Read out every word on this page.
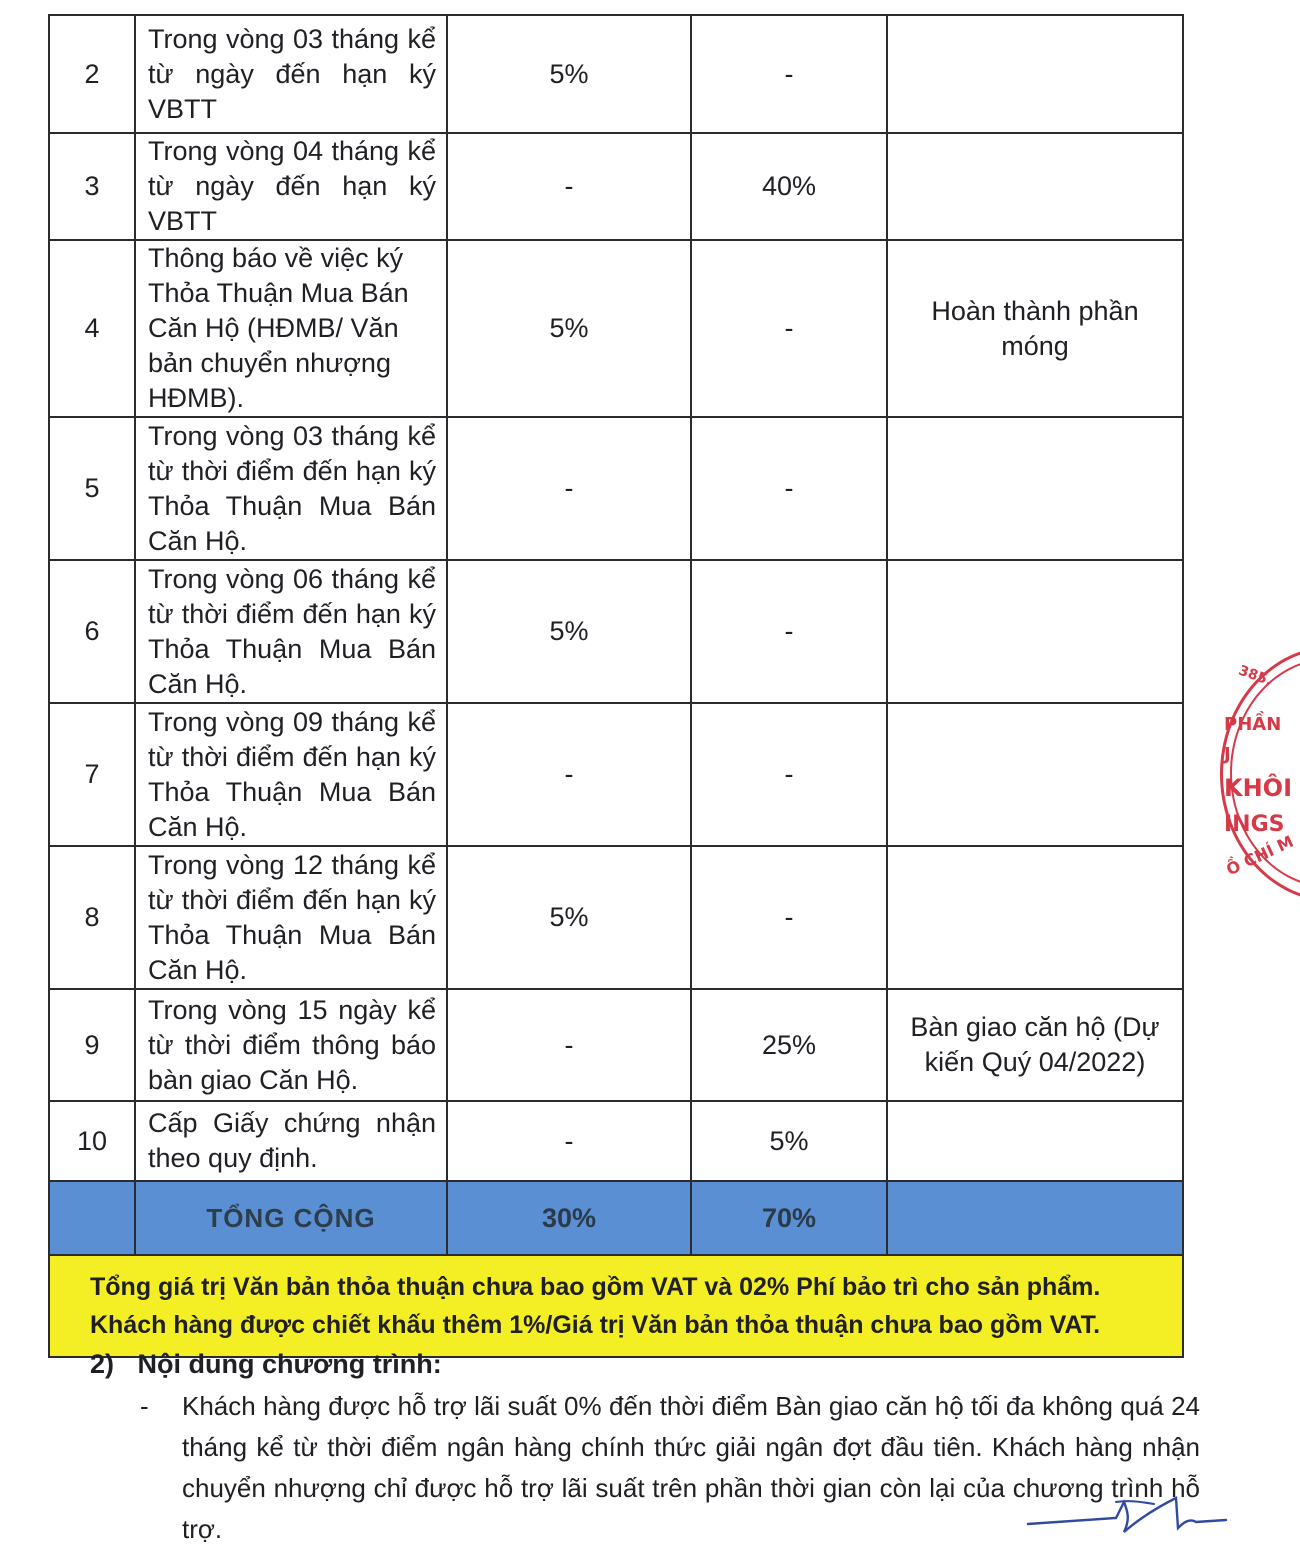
2	Trong vòng 03 tháng kể từ ngày đến hạn ký VBTT	5%	-	
3	Trong vòng 04 tháng kể từ ngày đến hạn ký VBTT	-	40%	
4	Thông báo về việc ký Thỏa Thuận Mua Bán Căn Hộ (HĐMB/ Văn bản chuyển nhượng HĐMB).	5%	-	Hoàn thành phần móng
5	Trong vòng 03 tháng kể từ thời điểm đến hạn ký Thỏa Thuận Mua Bán Căn Hộ.	-	-	
6	Trong vòng 06 tháng kể từ thời điểm đến hạn ký Thỏa Thuận Mua Bán Căn Hộ.	5%	-	
7	Trong vòng 09 tháng kể từ thời điểm đến hạn ký Thỏa Thuận Mua Bán Căn Hộ.	-	-	
8	Trong vòng 12 tháng kể từ thời điểm đến hạn ký Thỏa Thuận Mua Bán Căn Hộ.	5%	-	
9	Trong vòng 15 ngày kể từ thời điểm thông báo bàn giao Căn Hộ.	-	25%	Bàn giao căn hộ (Dự kiến Quý 04/2022)
10	Cấp Giấy chứng nhận theo quy định.	-	5%	
	TỔNG CỘNG	30%	70%	

Tổng giá trị Văn bản thỏa thuận chưa bao gồm VAT và 02% Phí bảo trì cho sản phẩm.
Khách hàng được chiết khấu thêm 1%/Giá trị Văn bản thỏa thuận chưa bao gồm VAT.				
2) Nội dung chương trình:
- Khách hàng được hỗ trợ lãi suất 0% đến thời điểm Bàn giao căn hộ tối đa không quá 24 tháng kể từ thời điểm ngân hàng chính thức giải ngân đợt đầu tiên. Khách hàng nhận chuyển nhượng chỉ được hỗ trợ lãi suất trên phần thời gian còn lại của chương trình hỗ trợ.
385.
PHẦN
J
KHÔI
INGS
Ồ CHÍ M
